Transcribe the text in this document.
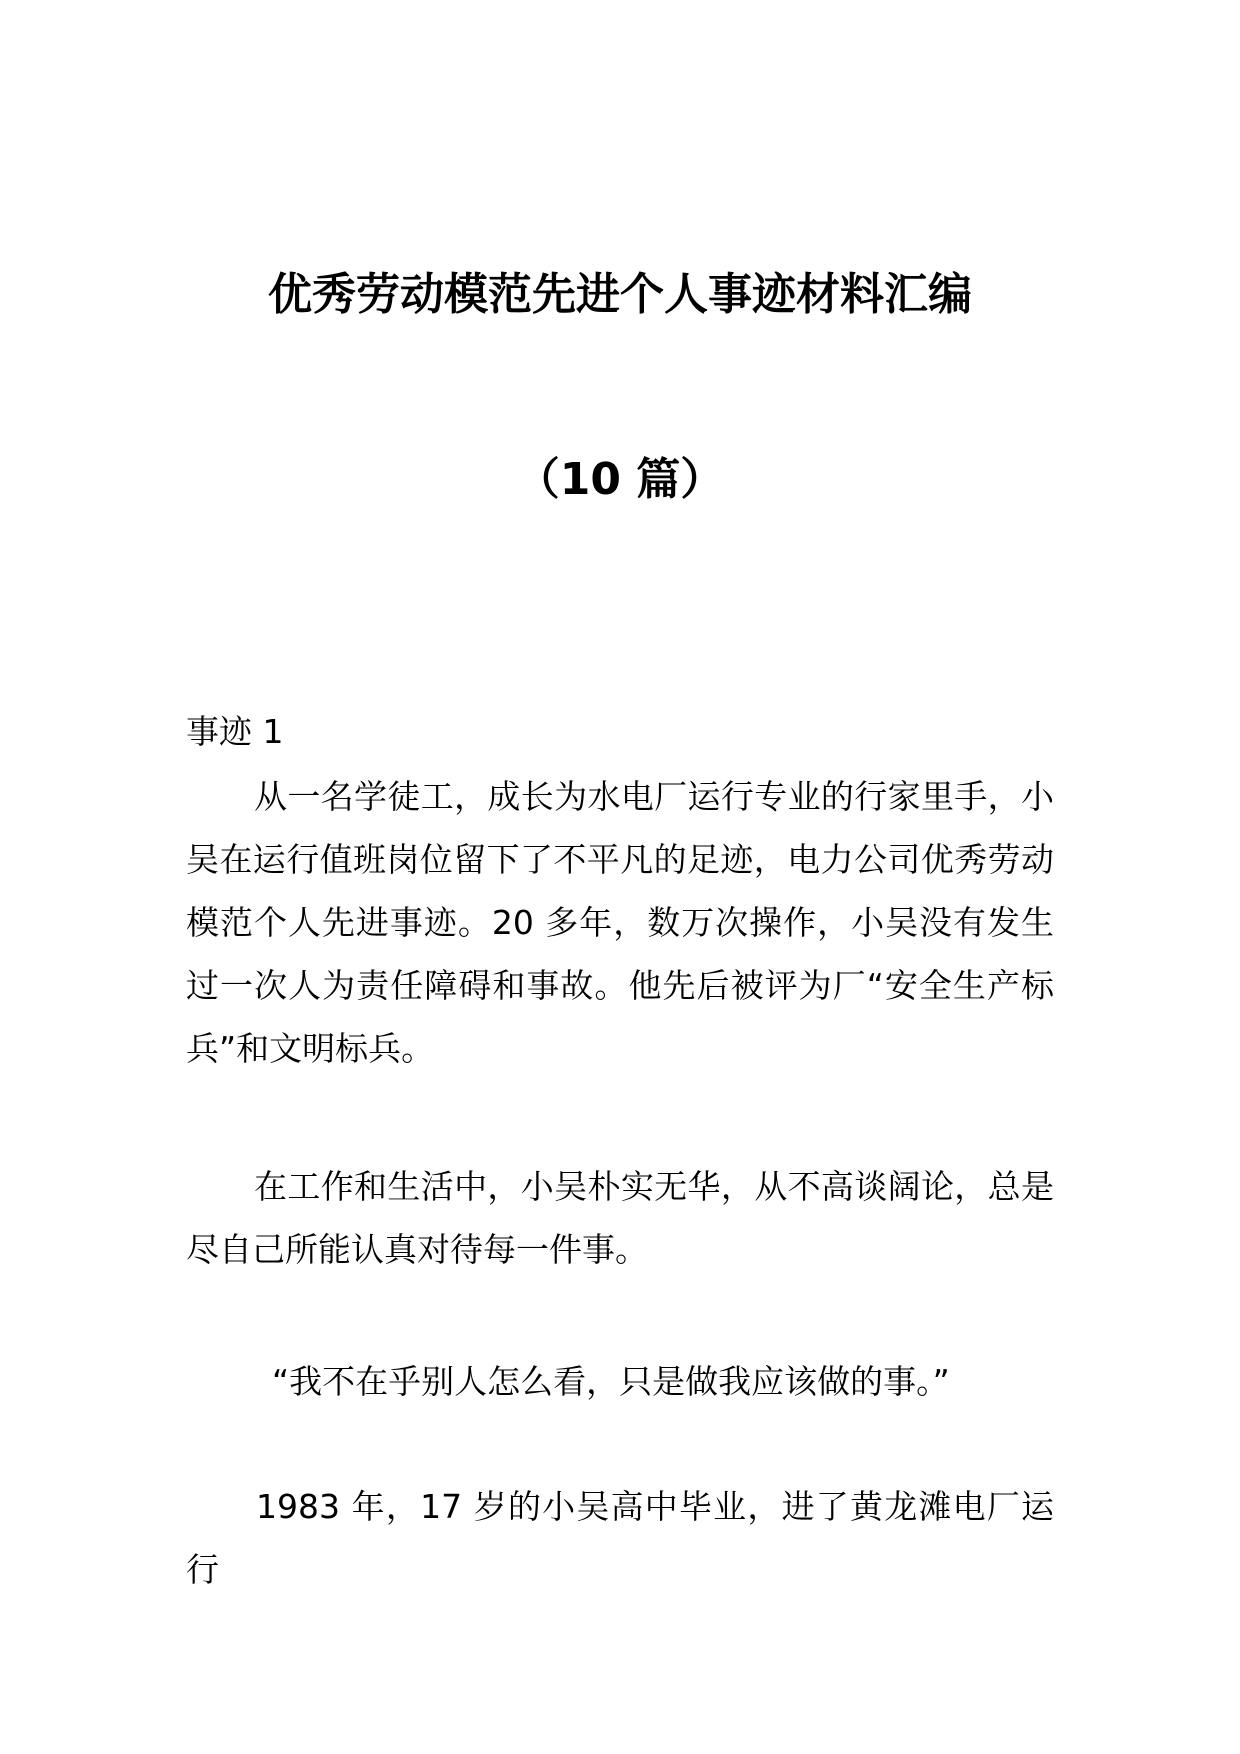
优秀劳动模范先进个人事迹材料汇编
（10 篇）
事迹 1
从一名学徒工，成长为水电厂运行专业的行家里手，小吴在运行值班岗位留下了不平凡的足迹，电力公司优秀劳动模范个人先进事迹。20 多年，数万次操作，小吴没有发生过一次人为责任障碍和事故。他先后被评为厂“安全生产标兵”和文明标兵。
在工作和生活中，小吴朴实无华，从不高谈阔论，总是尽自己所能认真对待每一件事。
“我不在乎别人怎么看，只是做我应该做的事。”
1983 年，17 岁的小吴高中毕业，进了黄龙滩电厂运行
